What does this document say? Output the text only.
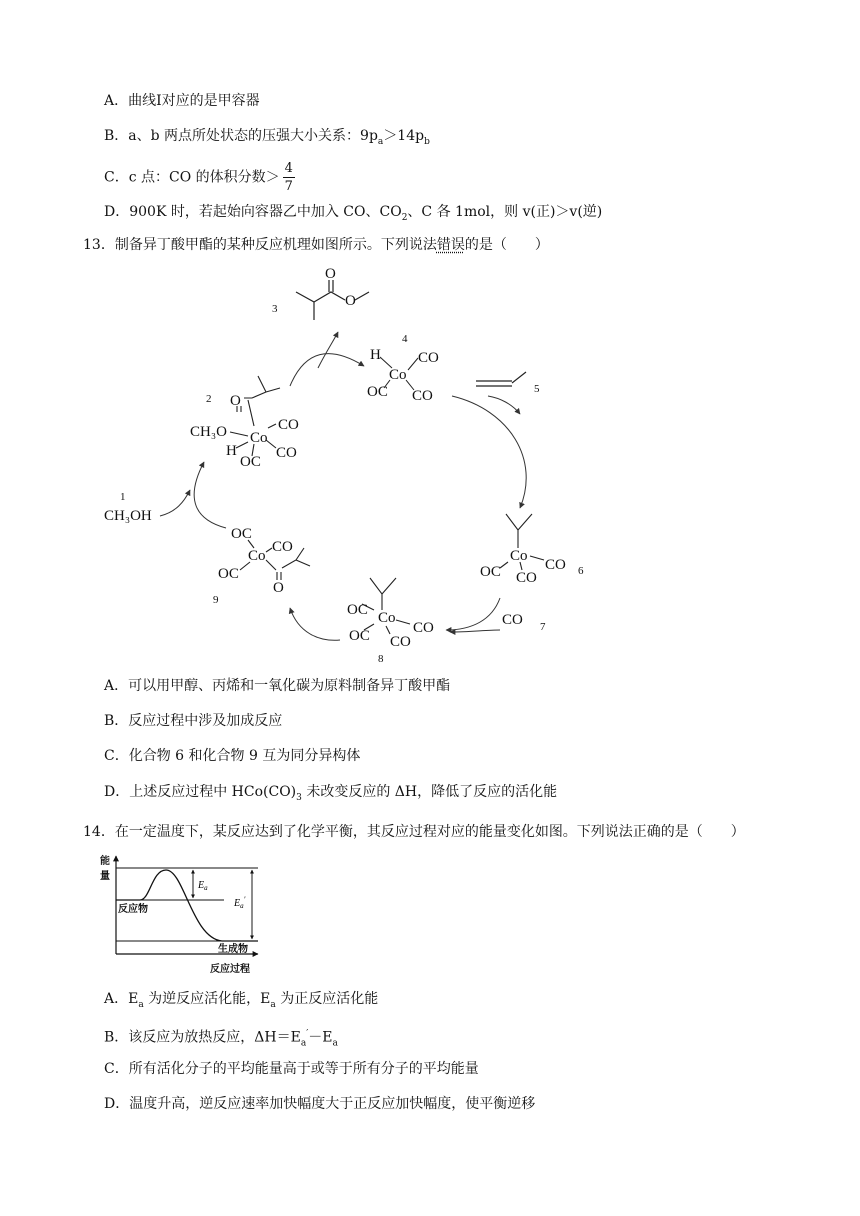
A．曲线Ⅰ对应的是甲容器
B．a、b 两点所处状态的压强大小关系：$9p_a>14p_b$
C．c 点：CO 的体积分数＞ $\frac{4}{7}$
D．900K 时，若起始向容器乙中加入 CO、$CO_2$、C 各 1mol，则 v(正)＞v(逆)
13．制备异丁酸甲酯的某种反应机理如图所示。下列说法错误的是（　　）
O
O
3
4
H CO
Co
OC CO	5
Co
OC	CO
CO	6
CO 7
Co
OC
OC	CO
CO
8
OC
Co
CO
OC
O
9
1
CH₃OH
2 O
CH₃O Co
CO
CO
H
OC
A．可以用甲醇、丙烯和一氧化碳为原料制备异丁酸甲酯
B．反应过程中涉及加成反应
C．化合物 6 和化合物 9 互为同分异构体
D．上述反应过程中 $HCo(CO)_3$ 未改变反应的 ΔH，降低了反应的活化能
14．在一定温度下，某反应达到了化学平衡，其反应过程对应的能量变化如图。下列说法正确的是（　　）
能
量
反应物
生成物
反应过程
$E_a$
$E_a'$
A．$E_a$ 为逆反应活化能，$E_a$ 为正反应活化能
B．该反应为放热反应，$\Delta H=E_a'-E_a$
C．所有活化分子的平均能量高于或等于所有分子的平均能量
D．温度升高，逆反应速率加快幅度大于正反应加快幅度，使平衡逆移
